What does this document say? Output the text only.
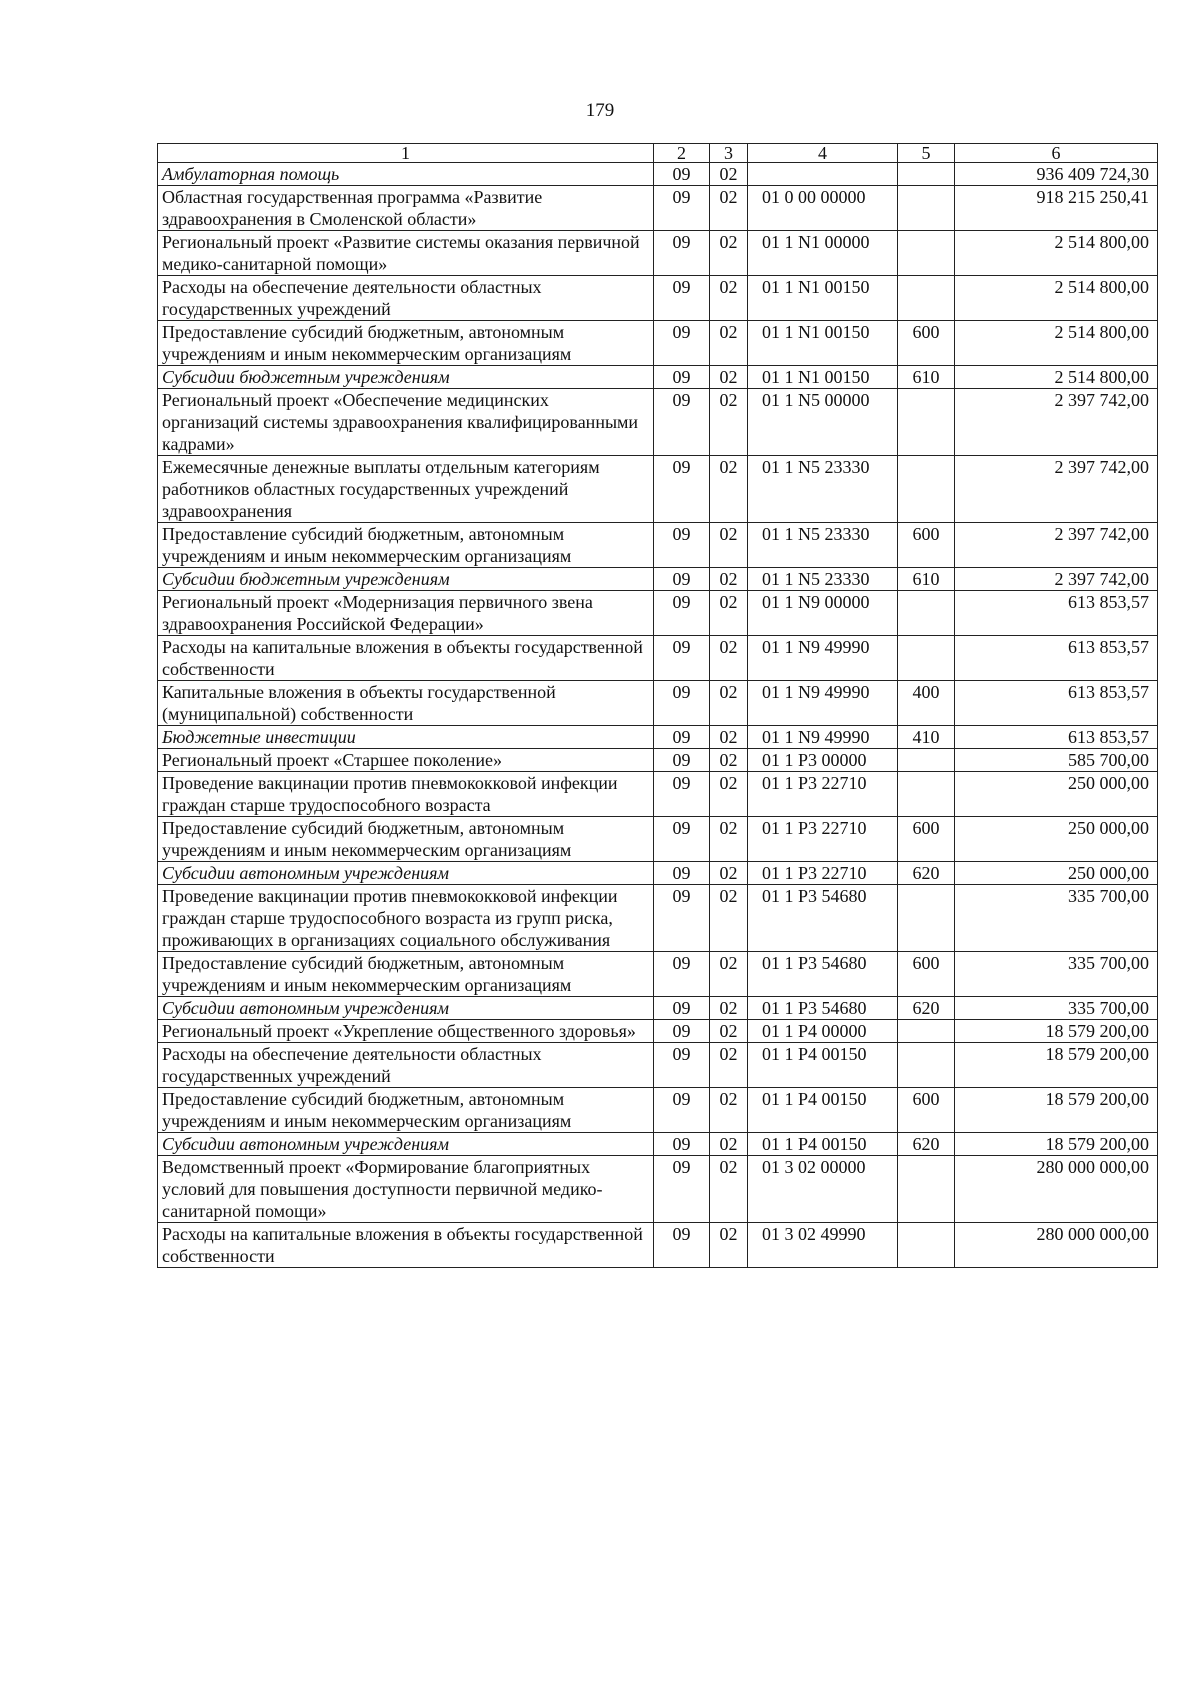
179
1	2	3	4	5	6
Амбулаторная помощь	09	02			936 409 724,30
Областная государственная программа «Развитие здравоохранения в Смоленской области»	09	02	01 0 00 00000		918 215 250,41
Региональный проект «Развитие системы оказания первичной медико-санитарной помощи»	09	02	01 1 N1 00000		2 514 800,00
Расходы на обеспечение деятельности областных государственных учреждений	09	02	01 1 N1 00150		2 514 800,00
Предоставление субсидий бюджетным, автономным учреждениям и иным некоммерческим организациям	09	02	01 1 N1 00150	600	2 514 800,00
Субсидии бюджетным учреждениям	09	02	01 1 N1 00150	610	2 514 800,00
Региональный проект «Обеспечение медицинских организаций системы здравоохранения квалифицированными кадрами»	09	02	01 1 N5 00000		2 397 742,00
Ежемесячные денежные выплаты отдельным категориям работников областных государственных учреждений здравоохранения	09	02	01 1 N5 23330		2 397 742,00
Предоставление субсидий бюджетным, автономным учреждениям и иным некоммерческим организациям	09	02	01 1 N5 23330	600	2 397 742,00
Субсидии бюджетным учреждениям	09	02	01 1 N5 23330	610	2 397 742,00
Региональный проект «Модернизация первичного звена здравоохранения Российской Федерации»	09	02	01 1 N9 00000		613 853,57
Расходы на капитальные вложения в объекты государственной собственности	09	02	01 1 N9 49990		613 853,57
Капитальные вложения в объекты государственной (муниципальной) собственности	09	02	01 1 N9 49990	400	613 853,57
Бюджетные инвестиции	09	02	01 1 N9 49990	410	613 853,57
Региональный проект «Старшее поколение»	09	02	01 1 P3 00000		585 700,00
Проведение вакцинации против пневмококковой инфекции граждан старше трудоспособного возраста	09	02	01 1 P3 22710		250 000,00
Предоставление субсидий бюджетным, автономным учреждениям и иным некоммерческим организациям	09	02	01 1 P3 22710	600	250 000,00
Субсидии автономным учреждениям	09	02	01 1 P3 22710	620	250 000,00
Проведение вакцинации против пневмококковой инфекции граждан старше трудоспособного возраста из групп риска, проживающих в организациях социального обслуживания	09	02	01 1 P3 54680		335 700,00
Предоставление субсидий бюджетным, автономным учреждениям и иным некоммерческим организациям	09	02	01 1 P3 54680	600	335 700,00
Субсидии автономным учреждениям	09	02	01 1 P3 54680	620	335 700,00
Региональный проект «Укрепление общественного здоровья»	09	02	01 1 P4 00000		18 579 200,00
Расходы на обеспечение деятельности областных государственных учреждений	09	02	01 1 P4 00150		18 579 200,00
Предоставление субсидий бюджетным, автономным учреждениям и иным некоммерческим организациям	09	02	01 1 P4 00150	600	18 579 200,00
Субсидии автономным учреждениям	09	02	01 1 P4 00150	620	18 579 200,00
Ведомственный проект «Формирование благоприятных условий для повышения доступности первичной медико-санитарной помощи»	09	02	01 3 02 00000		280 000 000,00
Расходы на капитальные вложения в объекты государственной собственности	09	02	01 3 02 49990		280 000 000,00
